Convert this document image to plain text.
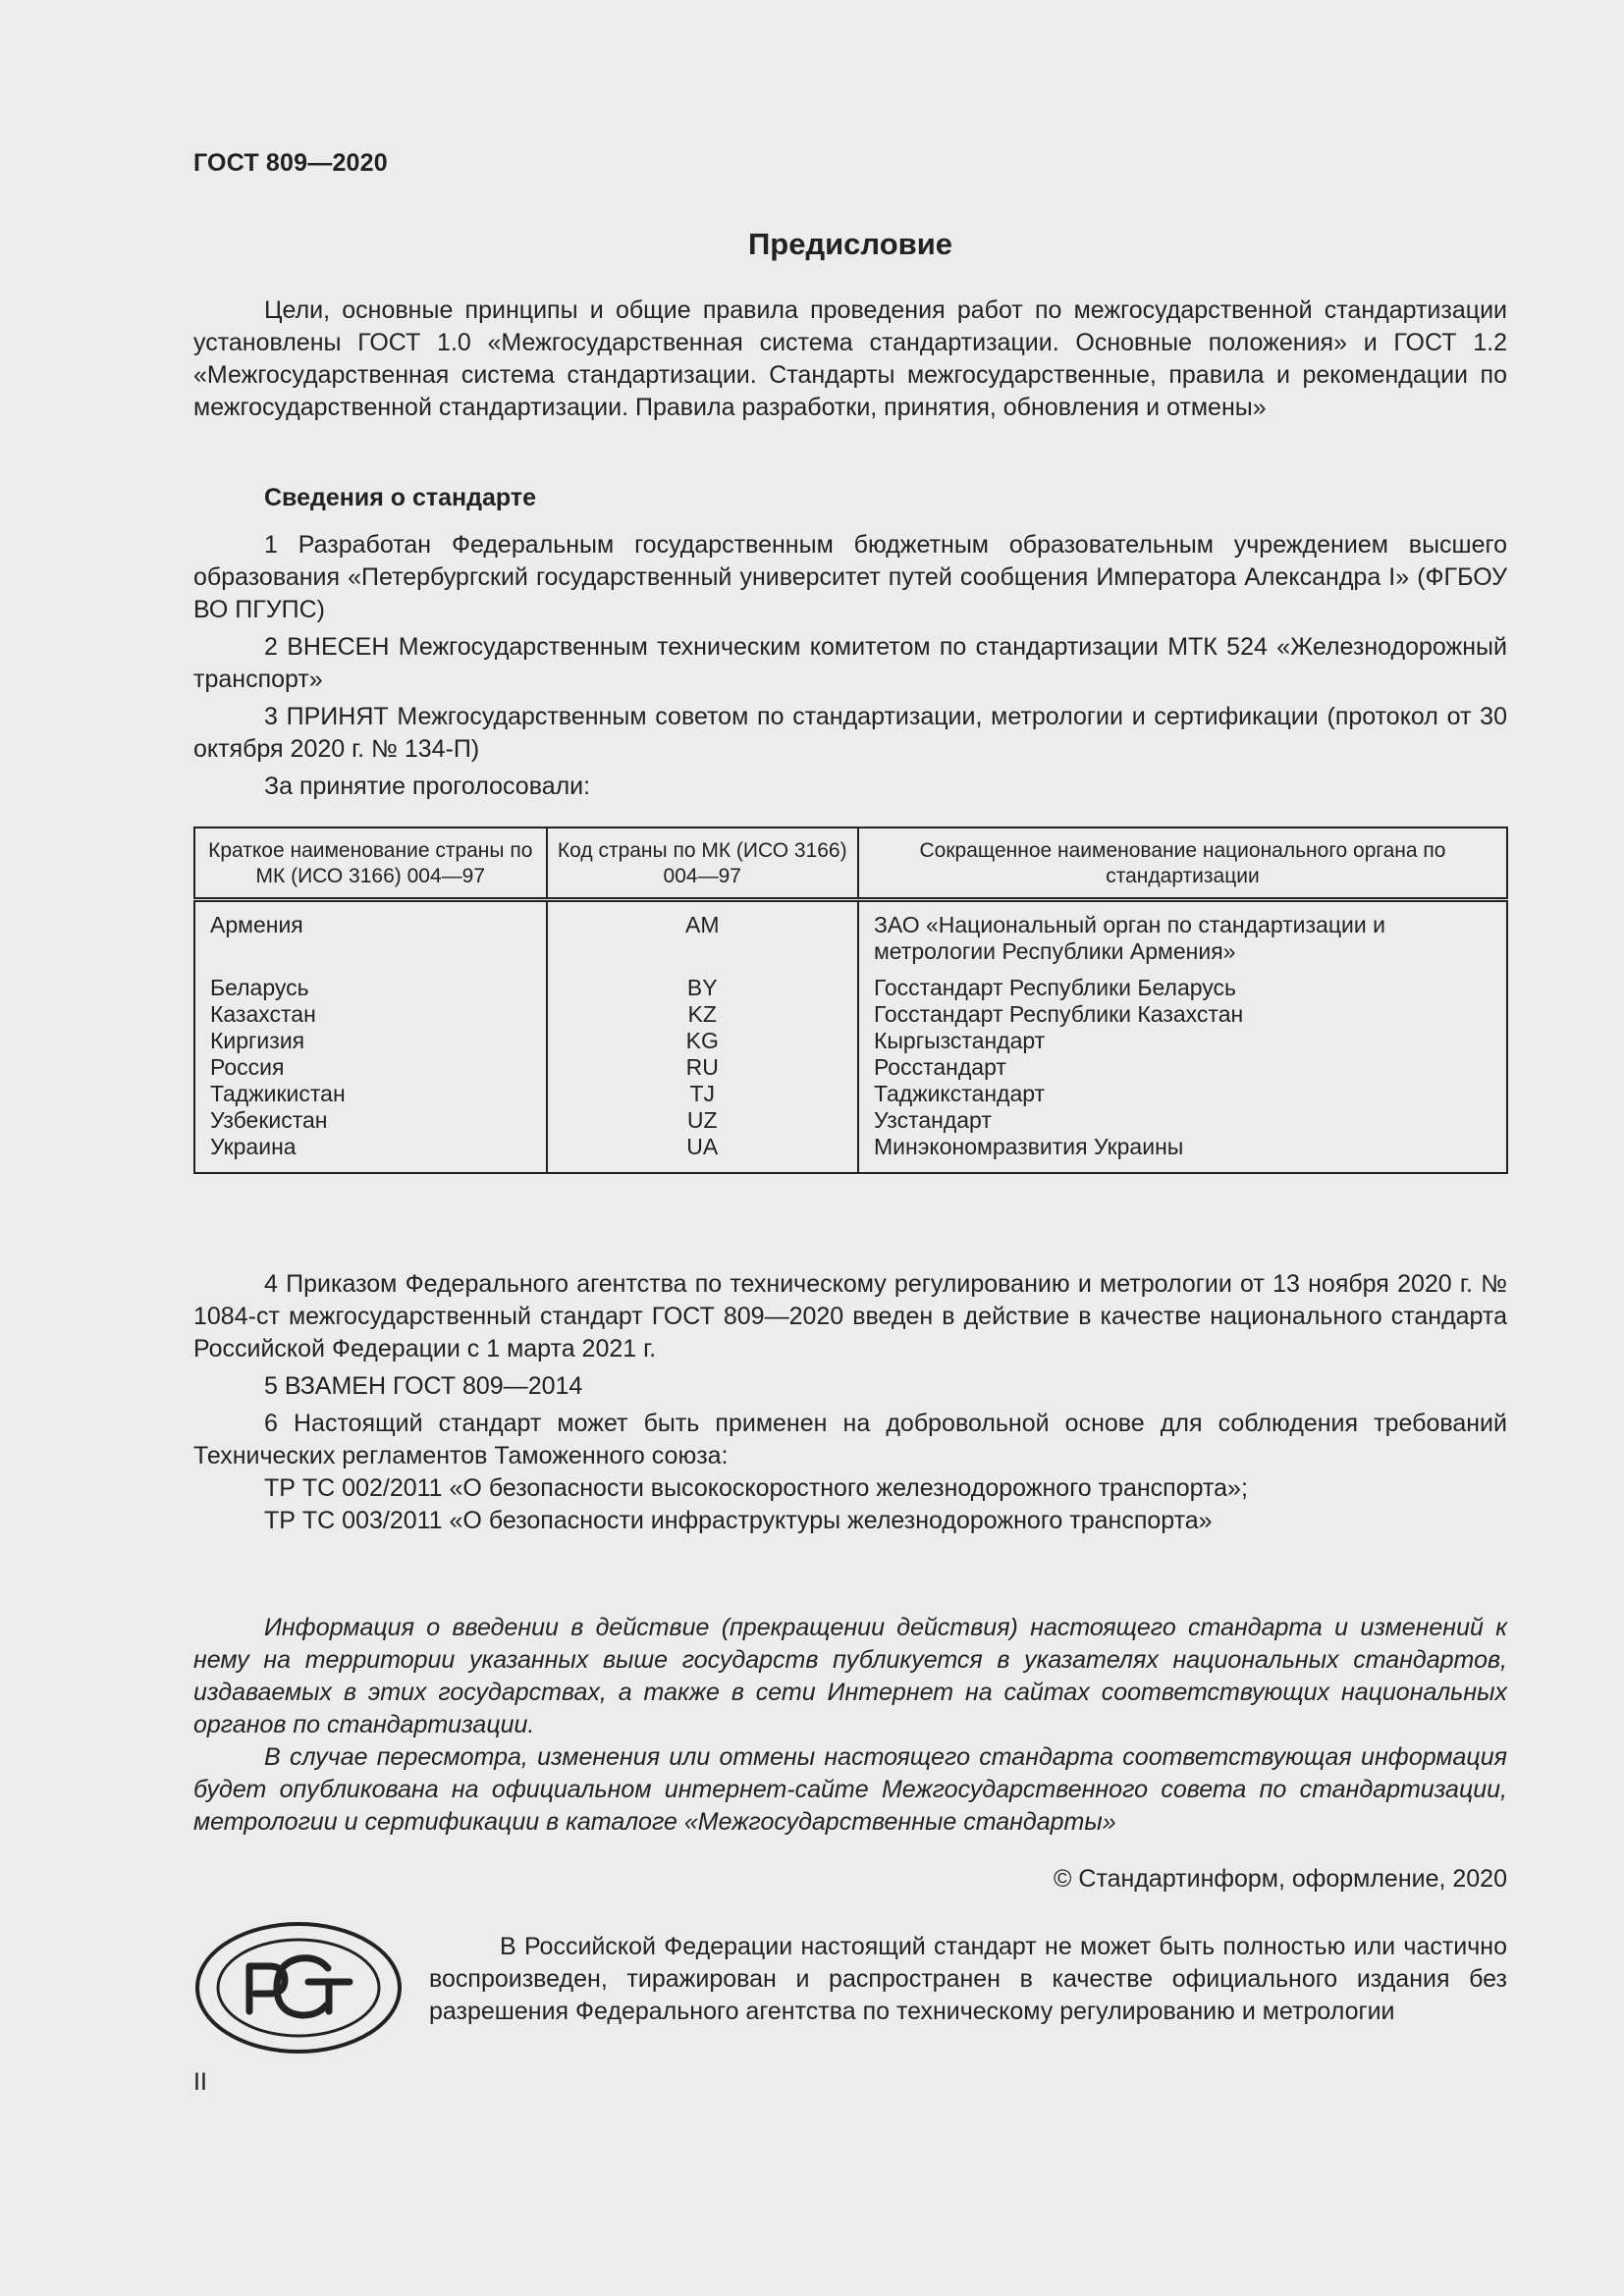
ГОСТ 809—2020
Предисловие

Цели, основные принципы и общие правила проведения работ по межгосударственной стандартизации установлены ГОСТ 1.0 «Межгосударственная система стандартизации. Основные положения» и ГОСТ 1.2 «Межгосударственная система стандартизации. Стандарты межгосударственные, правила и рекомендации по межгосударственной стандартизации. Правила разработки, принятия, обновления и отмены»

Сведения о стандарте

1 Разработан Федеральным государственным бюджетным образовательным учреждением высшего образования «Петербургский государственный университет путей сообщения Императора Александра I» (ФГБОУ ВО ПГУПС)

2 ВНЕСЕН Межгосударственным техническим комитетом по стандартизации МТК 524 «Железнодорожный транспорт»

3 ПРИНЯТ Межгосударственным советом по стандартизации, метрологии и сертификации (протокол от 30 октября 2020 г. № 134-П)

За принятие проголосовали:

Краткое наименование страны по МК (ИСО 3166) 004—97	Код страны по МК (ИСО 3166) 004—97	Сокращенное наименование национального органа по стандартизации
Армения	AM	ЗАО «Национальный орган по стандартизации и метрологии Республики Армения»
Беларусь	BY	Госстандарт Республики Беларусь
Казахстан	KZ	Госстандарт Республики Казахстан
Киргизия	KG	Кыргызстандарт
Россия	RU	Росстандарт
Таджикистан	TJ	Таджикстандарт
Узбекистан	UZ	Узстандарт
Украина	UA	Минэкономразвития Украины

4 Приказом Федерального агентства по техническому регулированию и метрологии от 13 ноября 2020 г. № 1084-ст межгосударственный стандарт ГОСТ 809—2020 введен в действие в качестве национального стандарта Российской Федерации с 1 марта 2021 г.

5 ВЗАМЕН ГОСТ 809—2014

6 Настоящий стандарт может быть применен на добровольной основе для соблюдения требований Технических регламентов Таможенного союза:

ТР ТС 002/2011 «О безопасности высокоскоростного железнодорожного транспорта»;

ТР ТС 003/2011 «О безопасности инфраструктуры железнодорожного транспорта»

Информация о введении в действие (прекращении действия) настоящего стандарта и изменений к нему на территории указанных выше государств публикуется в указателях национальных стандартов, издаваемых в этих государствах, а также в сети Интернет на сайтах соответствующих национальных органов по стандартизации.

В случае пересмотра, изменения или отмены настоящего стандарта соответствующая информация будет опубликована на официальном интернет-сайте Межгосударственного совета по стандартизации, метрологии и сертификации в каталоге «Межгосударственные стандарты»

© Стандартинформ, оформление, 2020

В Российской Федерации настоящий стандарт не может быть полностью или частично воспроизведен, тиражирован и распространен в качестве официального издания без разрешения Федерального агентства по техническому регулированию и метрологии

II
